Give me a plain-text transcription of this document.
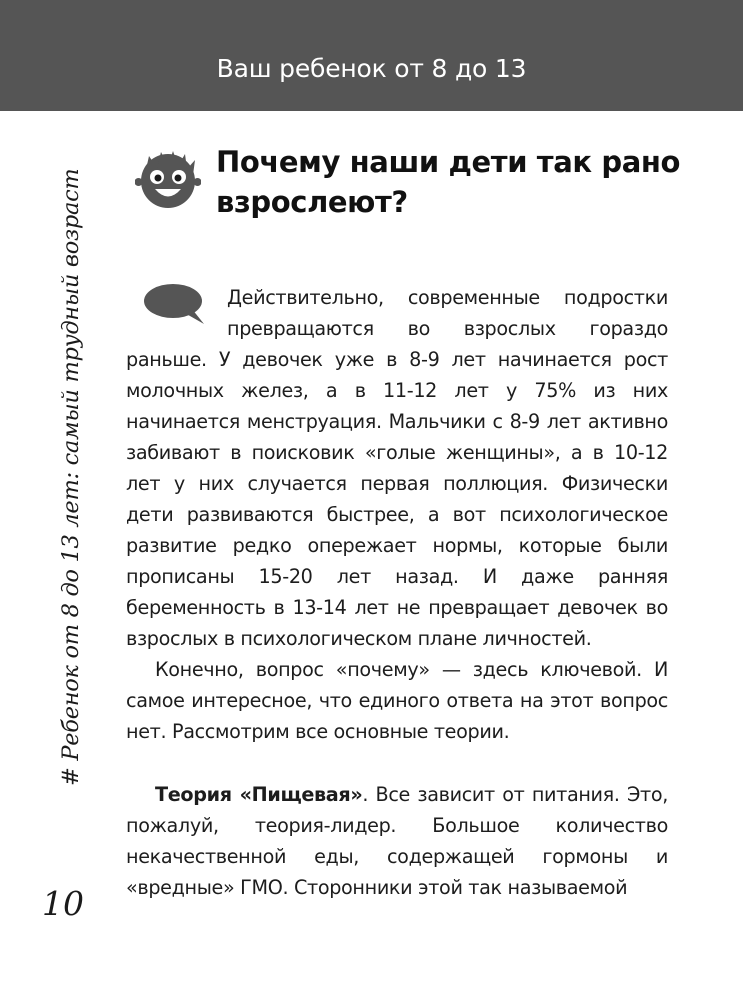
Ваш ребенок от 8 до 13
Почему наши дети так рано взрослеют?
# Ребенок от 8 до 13 лет: самый трудный возраст	Действительно, современные подростки превращаются во взрослых гораздо раньше. У девочек уже в 8-9 лет начинается рост молочных желез, а в 11-12 лет у 75% из них начинается менструация. Мальчики с 8-9 лет активно забивают в поисковик «голые женщины», а в 10-12 лет у них случается первая поллюция. Физически дети развиваются быстрее, а вот психологическое развитие редко опережает нормы, которые были прописаны 15-20 лет назад. И даже ранняя беременность в 13-14 лет не превращает девочек во взрослых в психологическом плане личностей.

Конечно, вопрос «почему» — здесь ключевой. И самое интересное, что единого ответа на этот вопрос нет. Рассмотрим все основные теории.

Теория «Пищевая». Все зависит от питания. Это, пожалуй, теория-лидер. Большое количество некачественной еды, содержащей гормоны и «вредные» ГМО. Сторонники этой так называемой

10
